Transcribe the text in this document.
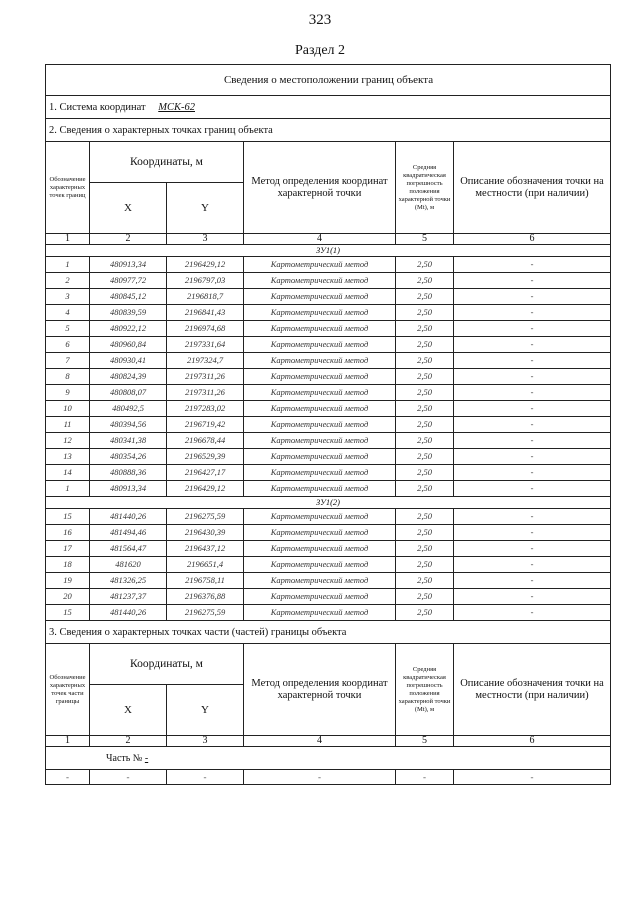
323
Раздел 2
Сведения о местоположении границ объекта					
1. Система координат МСК-62					
2. Сведения о характерных точках границ объекта					
Обозначение характерных точек границ	Координаты, м		Метод определения координат характерной точки	Средняя квадратическая погрешность положения характерной точки (Mt), м	Описание обозначения точки на местности (при наличии)
	X	Y			
1	2	3	4	5	6
ЗУ1(1)					
1	480913,34	2196429,12	Картометрический метод	2,50	-
2	480977,72	2196797,03	Картометрический метод	2,50	-
3	480845,12	2196818,7	Картометрический метод	2,50	-
4	480839,59	2196841,43	Картометрический метод	2,50	-
5	480922,12	2196974,68	Картометрический метод	2,50	-
6	480960,84	2197331,64	Картометрический метод	2,50	-
7	480930,41	2197324,7	Картометрический метод	2,50	-
8	480824,39	2197311,26	Картометрический метод	2,50	-
9	480808,07	2197311,26	Картометрический метод	2,50	-
10	480492,5	2197283,02	Картометрический метод	2,50	-
11	480394,56	2196719,42	Картометрический метод	2,50	-
12	480341,38	2196678,44	Картометрический метод	2,50	-
13	480354,26	2196529,39	Картометрический метод	2,50	-
14	480888,36	2196427,17	Картометрический метод	2,50	-
1	480913,34	2196429,12	Картометрический метод	2,50	-
ЗУ1(2)					
15	481440,26	2196275,59	Картометрический метод	2,50	-
16	481494,46	2196430,39	Картометрический метод	2,50	-
17	481564,47	2196437,12	Картометрический метод	2,50	-
18	481620	2196651,4	Картометрический метод	2,50	-
19	481326,25	2196758,11	Картометрический метод	2,50	-
20	481237,37	2196376,88	Картометрический метод	2,50	-
15	481440,26	2196275,59	Картометрический метод	2,50	-
3. Сведения о характерных точках части (частей) границы объекта					
Обозначение характерных точек части границы	Координаты, м		Метод определения координат характерной точки	Средняя квадратическая погрешность положения характерной точки (Mt), м	Описание обозначения точки на местности (при наличии)
	X	Y			
1	2	3	4	5	6
Часть № -					
-	-	-	-	-	-
